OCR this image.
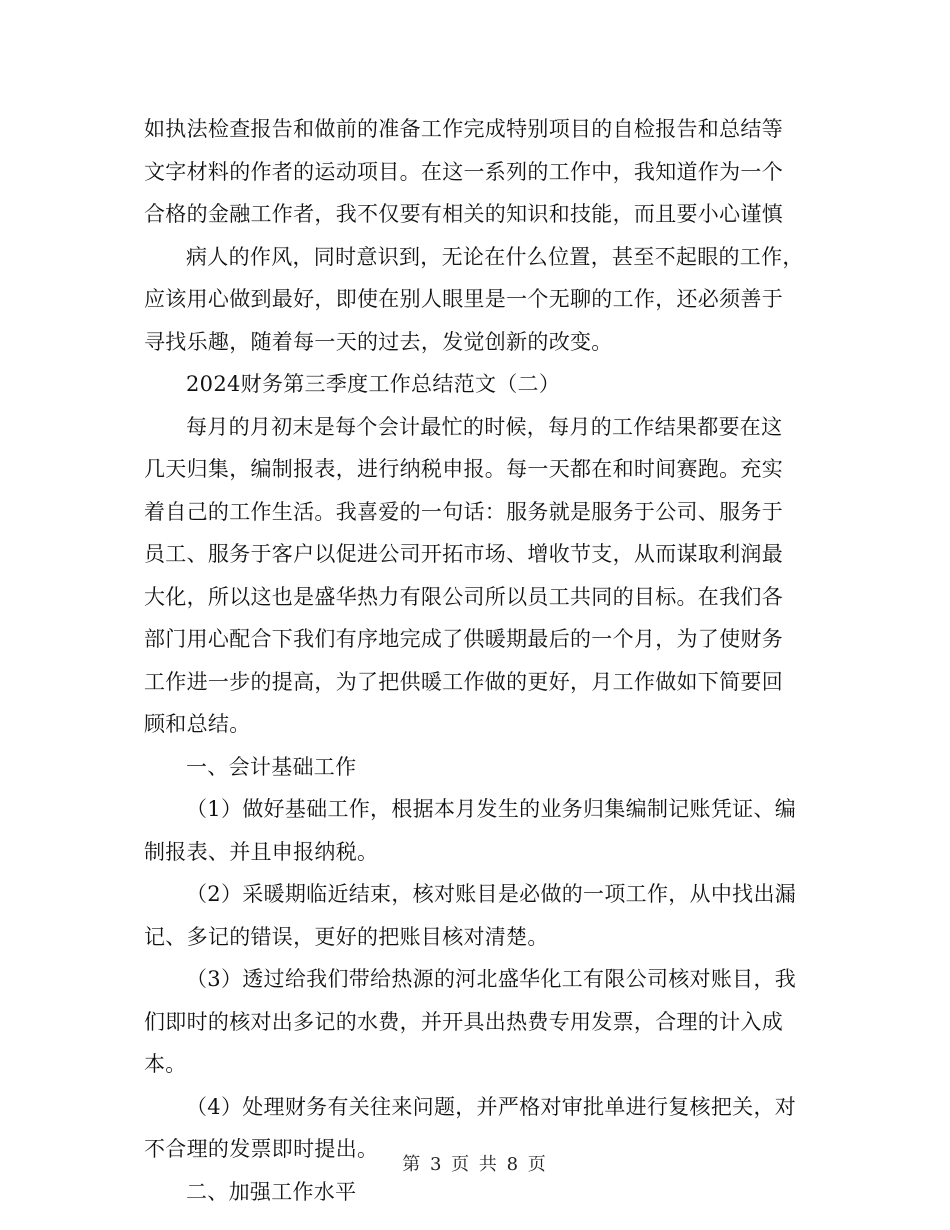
如执法检查报告和做前的准备工作完成特别项目的自检报告和总结等
文字材料的作者的运动项目。在这一系列的工作中，我知道作为一个
合格的金融工作者，我不仅要有相关的知识和技能，而且要小心谨慎
病人的作风，同时意识到，无论在什么位置，甚至不起眼的工作，
应该用心做到最好，即使在别人眼里是一个无聊的工作，还必须善于
寻找乐趣，随着每一天的过去，发觉创新的改变。
2024财务第三季度工作总结范文（二）
每月的月初末是每个会计最忙的时候，每月的工作结果都要在这
几天归集，编制报表，进行纳税申报。每一天都在和时间赛跑。充实
着自己的工作生活。我喜爱的一句话：服务就是服务于公司、服务于
员工、服务于客户以促进公司开拓市场、增收节支，从而谋取利润最
大化，所以这也是盛华热力有限公司所以员工共同的目标。在我们各
部门用心配合下我们有序地完成了供暖期最后的一个月，为了使财务
工作进一步的提高，为了把供暖工作做的更好，月工作做如下简要回
顾和总结。
一、会计基础工作
（1）做好基础工作，根据本月发生的业务归集编制记账凭证、编
制报表、并且申报纳税。
（2）采暖期临近结束，核对账目是必做的一项工作，从中找出漏
记、多记的错误，更好的把账目核对清楚。
（3）透过给我们带给热源的河北盛华化工有限公司核对账目，我
们即时的核对出多记的水费，并开具出热费专用发票，合理的计入成
本。
（4）处理财务有关往来问题，并严格对审批单进行复核把关，对
不合理的发票即时提出。
二、加强工作水平
第 3 页 共 8 页
